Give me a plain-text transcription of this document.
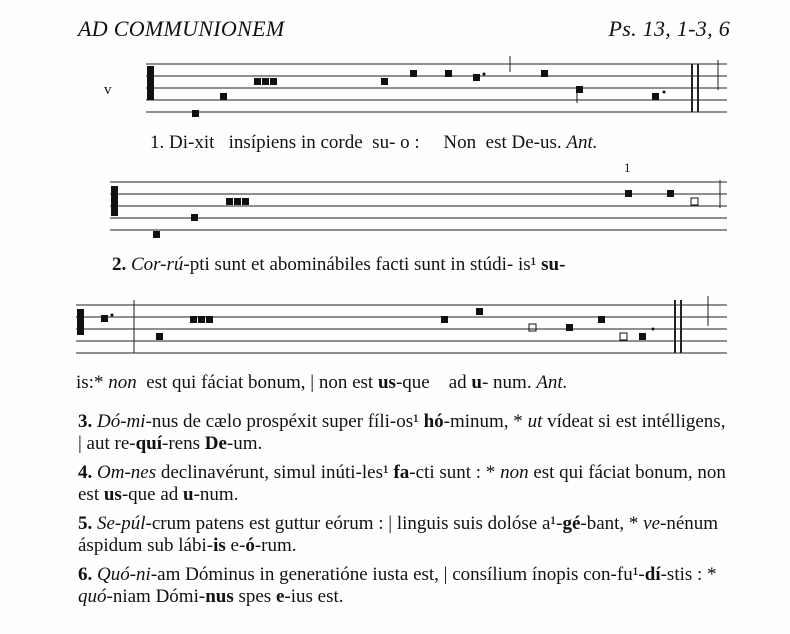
AD COMMUNIONEM	Ps. 13, 1-3, 6
v
1. Di-xit insípiens in corde su- o : Non est De-us. Ant.
1
2. Cor-rú-pti sunt et abominábiles facti sunt in stúdi- is¹ su-
is:* non est qui fáciat bonum, | non est us-que ad u- num. Ant.
3. Dó-mi-nus de cælo prospéxit super fíli-os¹ hó-minum, * ut vídeat si est intélligens, | aut re-quí-rens De-um.
4. Om-nes declinavérunt, simul inúti-les¹ fa-cti sunt : * non est qui fáciat bonum, non est us-que ad u-num.
5. Se-púl-crum patens est guttur eórum : | linguis suis dolóse a¹-gé-bant, * ve-nénum áspidum sub lábi-is e-ó-rum.
6. Quó-ni-am Dóminus in generatióne iusta est, | consílium ínopis con-fu¹-dí-stis : * quó-niam Dómi-nus spes e-ius est.
